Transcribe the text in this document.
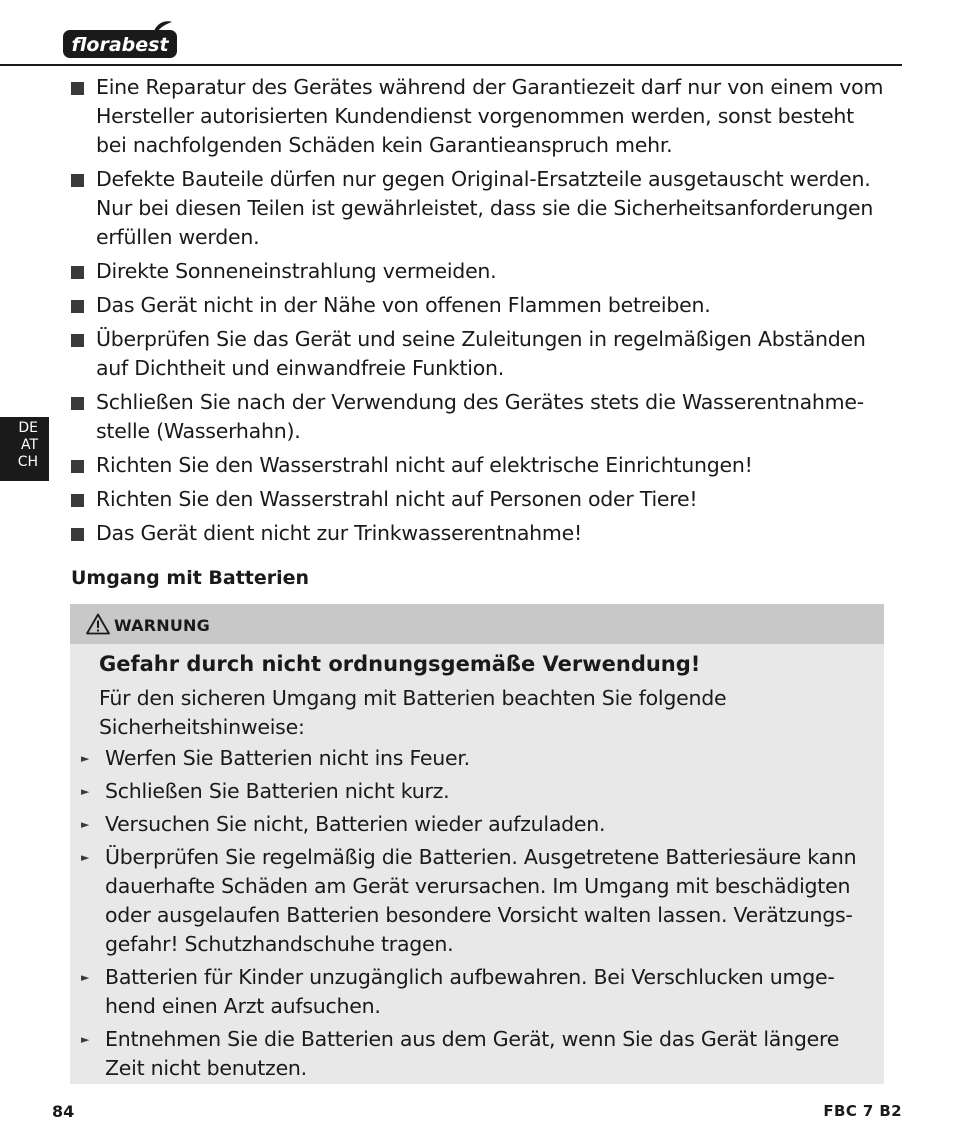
florabest
Eine Reparatur des Gerätes während der Garantiezeit darf nur von einem vom Hersteller autorisierten Kundendienst vorgenommen werden, sonst besteht bei nachfolgenden Schäden kein Garantieanspruch mehr.
Defekte Bauteile dürfen nur gegen Original-Ersatzteile ausgetauscht werden. Nur bei diesen Teilen ist gewährleistet, dass sie die Sicherheitsanforderungen erfüllen werden.
Direkte Sonneneinstrahlung vermeiden.
Das Gerät nicht in der Nähe von offenen Flammen betreiben.
Überprüfen Sie das Gerät und seine Zuleitungen in regelmäßigen Abständen auf Dichtheit und einwandfreie Funktion.
Schließen Sie nach der Verwendung des Gerätes stets die Wasserentnahme-stelle (Wasserhahn).
Richten Sie den Wasserstrahl nicht auf elektrische Einrichtungen!
Richten Sie den Wasserstrahl nicht auf Personen oder Tiere!
Das Gerät dient nicht zur Trinkwasserentnahme!
DE
AT
CH
Umgang mit Batterien
WARNUNG
Gefahr durch nicht ordnungsgemäße Verwendung!
Für den sicheren Umgang mit Batterien beachten Sie folgende Sicherheitshinweise:
► Werfen Sie Batterien nicht ins Feuer.
► Schließen Sie Batterien nicht kurz.
► Versuchen Sie nicht, Batterien wieder aufzuladen.
► Überprüfen Sie regelmäßig die Batterien. Ausgetretene Batteriesäure kann dauerhafte Schäden am Gerät verursachen. Im Umgang mit beschädigten oder ausgelaufen Batterien besondere Vorsicht walten lassen. Verätzungs-gefahr! Schutzhandschuhe tragen.
► Batterien für Kinder unzugänglich aufbewahren. Bei Verschlucken umge-hend einen Arzt aufsuchen.
► Entnehmen Sie die Batterien aus dem Gerät, wenn Sie das Gerät längere Zeit nicht benutzen.
84	FBC 7 B2
